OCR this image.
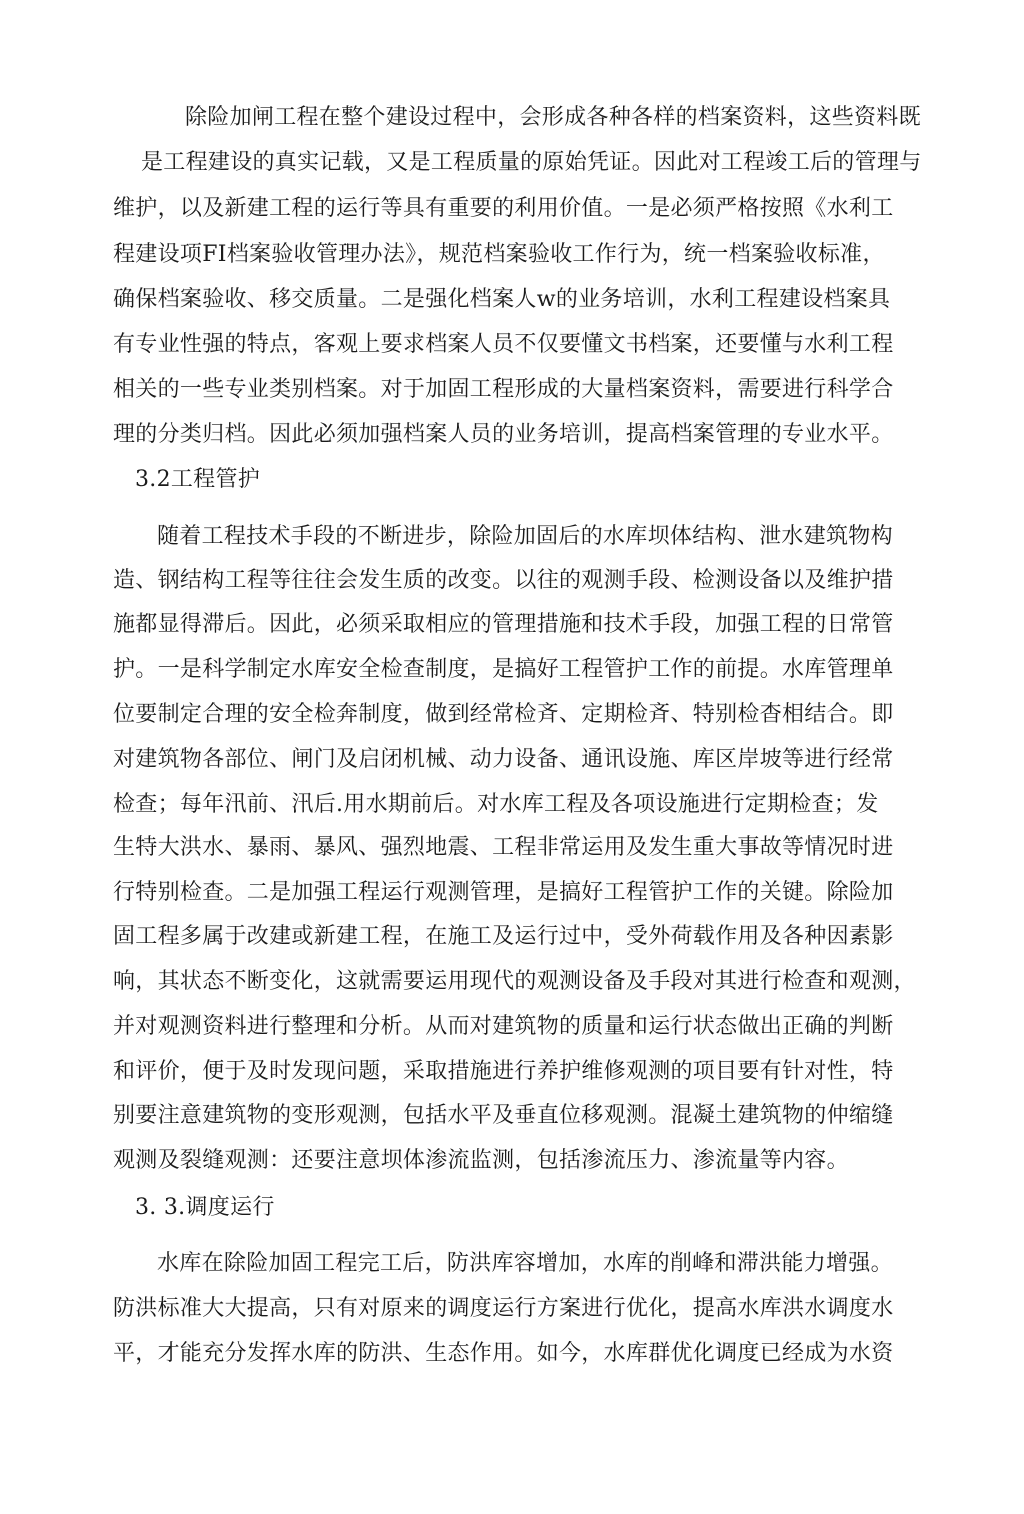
除险加闸工程在整个建设过程中，会形成各种各样的档案资料，这些资料既
是工程建设的真实记载，又是工程质量的原始凭证。因此对工程竣工后的管理与
维护，以及新建工程的运行等具有重要的利用价值。一是必须严格按照《水利工
程建设项FI档案验收管理办法》，规范档案验收工作行为，统一档案验收标准，
确保档案验收、移交质量。二是强化档案人w的业务培训，水利工程建设档案具
有专业性强的特点，客观上要求档案人员不仅要懂文书档案，还要懂与水利工程
相关的一些专业类别档案。对于加固工程形成的大量档案资料，需要进行科学合
理的分类归档。因此必须加强档案人员的业务培训，提高档案管理的专业水平。
3.2工程管护
随着工程技术手段的不断进步，除险加固后的水库坝体结构、泄水建筑物构
造、钢结构工程等往往会发生质的改变。以往的观测手段、检测设备以及维护措
施都显得滞后。因此，必须采取相应的管理措施和技术手段，加强工程的日常管
护。一是科学制定水库安全检查制度，是搞好工程管护工作的前提。水库管理单
位要制定合理的安全检奔制度，做到经常检斉、定期检斉、特别检杳相结合。即
对建筑物各部位、闸门及启闭机械、动力设备、通讯设施、库区岸坡等进行经常
检查；每年汛前、汛后.用水期前后。对水库工程及各项设施进行定期检查；发
生特大洪水、暴雨、暴风、强烈地震、工程非常运用及发生重大事故等情况时进
行特别检查。二是加强工程运行观测管理，是搞好工程管护工作的关键。除险加
固工程多属于改建或新建工程，在施工及运行过中，受外荷载作用及各种因素影
响，其状态不断变化，这就需要运用现代的观测设备及手段对其进行检查和观测，
并对观测资料进行整理和分析。从而对建筑物的质量和运行状态做出正确的判断
和评价，便于及时发现问题，采取措施进行养护维修观测的项目要有针对性，特
别要注意建筑物的变形观测，包括水平及垂直位移观测。混凝土建筑物的仲缩缝
观测及裂缝观测：还要注意坝体渗流监测，包括渗流压力、渗流量等内容。
3. 3.调度运行
水库在除险加固工程完工后，防洪库容增加，水库的削峰和滞洪能力增强。
防洪标准大大提高，只有对原来的调度运行方案进行优化，提高水库洪水调度水
平，才能充分发挥水库的防洪、生态作用。如今，水库群优化调度已经成为水资
